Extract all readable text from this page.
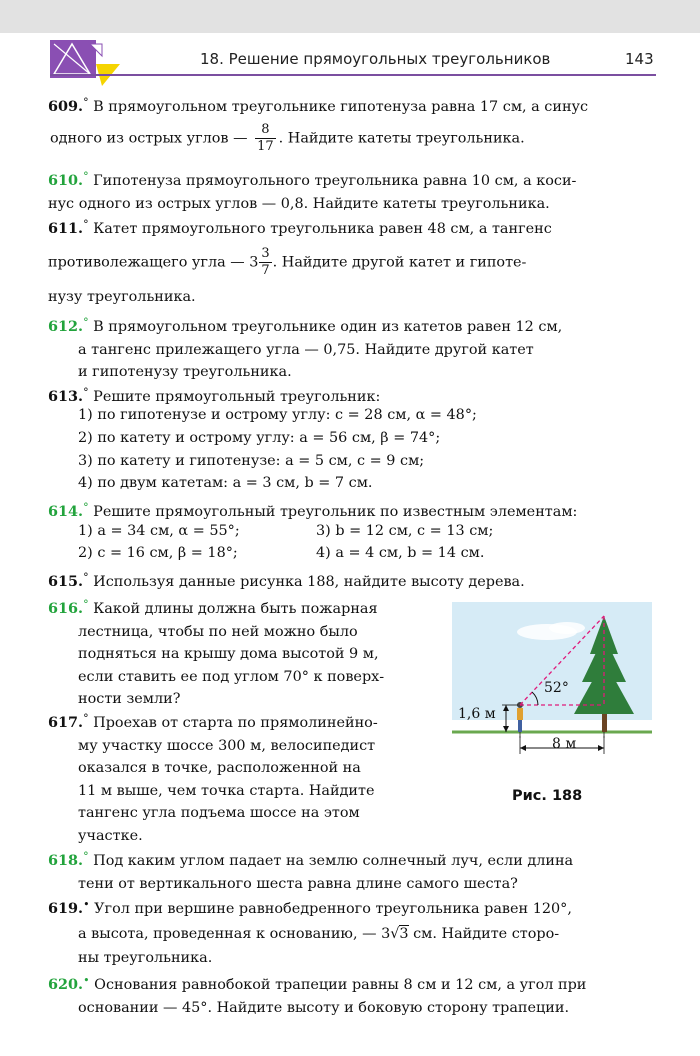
18. Решение прямоугольных треугольников	143
609.° В прямоугольном треугольнике гипотенуза равна 17 см, а синус
одного из острых углов — $\frac{8}{17}$ . Найдите катеты треугольника.
610.° Гипотенуза прямоугольного треугольника равна 10 см, а коси-
нус одного из острых углов — 0,8. Найдите катеты треугольника.
611.° Катет прямоугольного треугольника равен 48 см, а тангенс
противолежащего угла — $3 \frac{3}{7}$ . Найдите другой катет и гипоте-
нузу треугольника.
612.° В прямоугольном треугольнике один из катетов равен 12 см,
а тангенс прилежащего угла — 0,75. Найдите другой катет
и гипотенузу треугольника.
613.° Решите прямоугольный треугольник:
1) по гипотенузе и острому углу: c = 28 см, α = 48°;
2) по катету и острому углу: a = 56 см, β = 74°;
3) по катету и гипотенузе: a = 5 см, c = 9 см;
4) по двум катетам: a = 3 см, b = 7 см.
614.° Решите прямоугольный треугольник по известным элементам:
1) a = 34 см, α = 55°;	3) b = 12 см, c = 13 см;
2) c = 16 см, β = 18°;	4) a = 4 см, b = 14 см.
615.° Используя данные рисунка 188, найдите высоту дерева.
616.° Какой длины должна быть пожарная
лестница, чтобы по ней можно было
подняться на крышу дома высотой 9 м,
если ставить ее под углом 70° к поверх-
ности земли?
617.° Проехав от старта по прямолинейно-
му участку шоссе 300 м, велосипедист
оказался в точке, расположенной на
11 м выше, чем точка старта. Найдите
тангенс угла подъема шоссе на этом
участке.
52°
1,6 м
8 м
Рис. 188
618.° Под каким углом падает на землю солнечный луч, если длина
тени от вертикального шеста равна длине самого шеста?
619.• Угол при вершине равнобедренного треугольника равен 120°,
а высота, проведенная к основанию, — 3√3 см. Найдите сторо-
ны треугольника.
620.• Основания равнобокой трапеции равны 8 см и 12 см, а угол при
основании — 45°. Найдите высоту и боковую сторону трапеции.
